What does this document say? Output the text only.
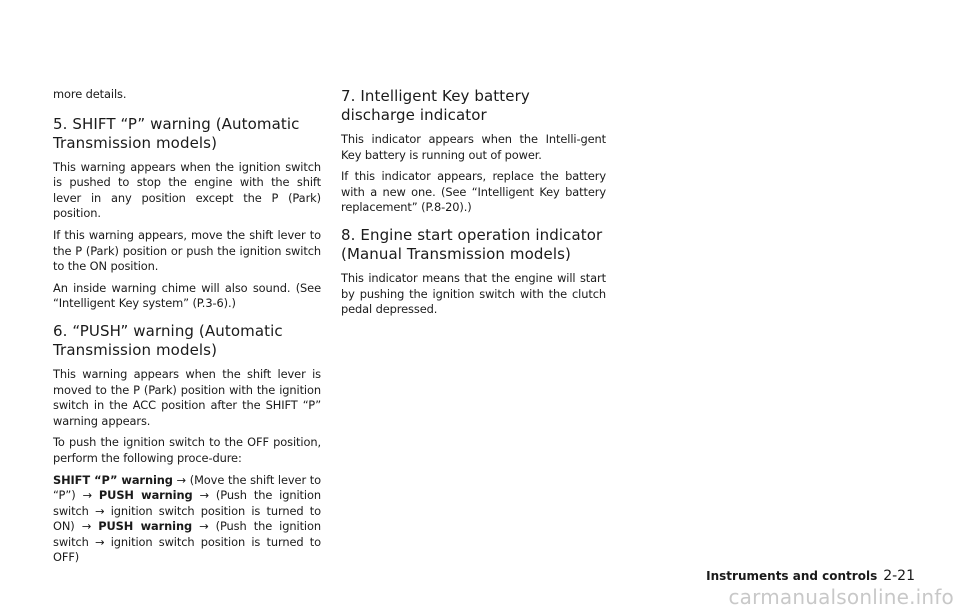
more details.

5. SHIFT “P” warning (Automatic Transmission models)

This warning appears when the ignition switch is pushed to stop the engine with the shift lever in any position except the P (Park) position.

If this warning appears, move the shift lever to the P (Park) position or push the ignition switch to the ON position.

An inside warning chime will also sound. (See “Intelligent Key system” (P.3-6).)

6. “PUSH” warning (Automatic Transmission models)

This warning appears when the shift lever is moved to the P (Park) position with the ignition switch in the ACC position after the SHIFT “P” warning appears.

To push the ignition switch to the OFF position, perform the following proce-dure:

SHIFT “P” warning → (Move the shift lever to “P”) → PUSH warning → (Push the ignition switch → ignition switch position is turned to ON) → PUSH warning → (Push the ignition switch → ignition switch position is turned to OFF)

7. Intelligent Key battery discharge indicator

This indicator appears when the Intelli-gent Key battery is running out of power.

If this indicator appears, replace the battery with a new one. (See “Intelligent Key battery replacement” (P.8-20).)

8. Engine start operation indicator (Manual Transmission models)

This indicator means that the engine will start by pushing the ignition switch with the clutch pedal depressed.

Instruments and controls 2-21
carmanualsonline.info
